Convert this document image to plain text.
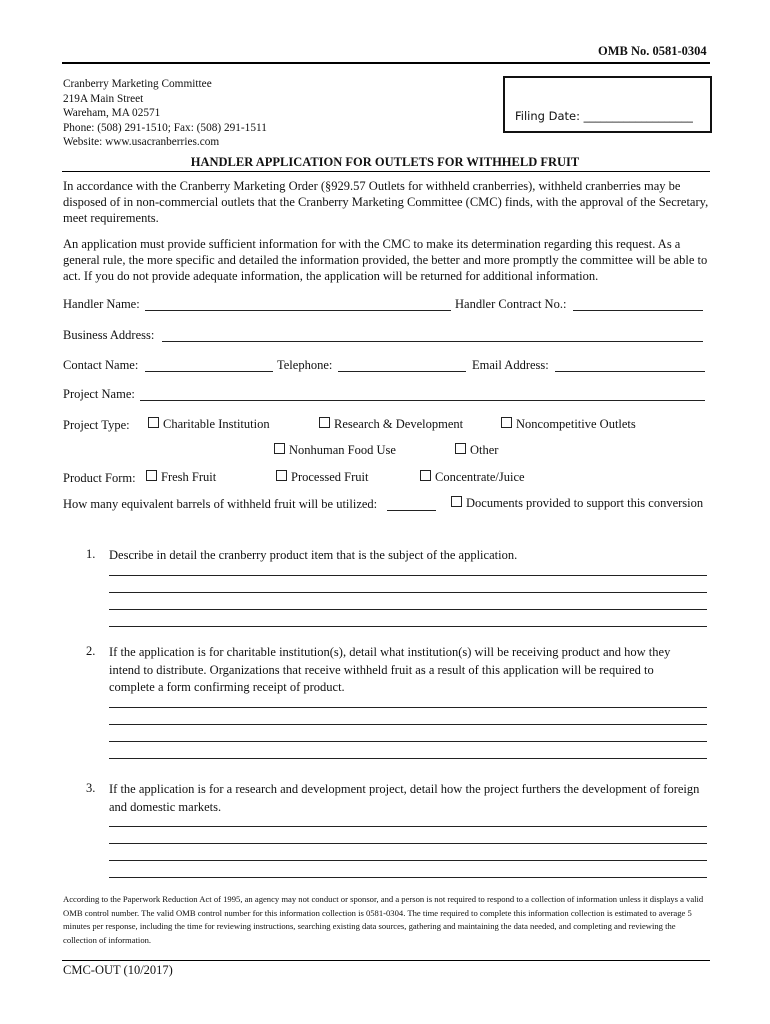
OMB No. 0581-0304
Cranberry Marketing Committee
219A Main Street
Wareham, MA 02571
Phone: (508) 291-1510; Fax: (508) 291-1511
Website: www.usacranberries.com
Filing Date: ___________________
HANDLER APPLICATION FOR OUTLETS FOR WITHHELD FRUIT
In accordance with the Cranberry Marketing Order (§929.57 Outlets for withheld cranberries), withheld cranberries may be disposed of in non-commercial outlets that the Cranberry Marketing Committee (CMC) finds, with the approval of the Secretary, meet requirements.
An application must provide sufficient information for with the CMC to make its determination regarding this request. As a general rule, the more specific and detailed the information provided, the better and more promptly the committee will be able to act. If you do not provide adequate information, the application will be returned for additional information.
Handler Name:	Handler Contract No.:
Business Address:
Contact Name:	Telephone:	Email Address:
Project Name:
Project Type:	Charitable Institution	Research & Development	Noncompetitive Outlets
Nonhuman Food Use	Other
Product Form:	Fresh Fruit	Processed Fruit	Concentrate/Juice
How many equivalent barrels of withheld fruit will be utilized:	Documents provided to support this conversion
1. Describe in detail the cranberry product item that is the subject of the application.
2. If the application is for charitable institution(s), detail what institution(s) will be receiving product and how they intend to distribute. Organizations that receive withheld fruit as a result of this application will be required to complete a form confirming receipt of product.
3. If the application is for a research and development project, detail how the project furthers the development of foreign and domestic markets.
According to the Paperwork Reduction Act of 1995, an agency may not conduct or sponsor, and a person is not required to respond to a collection of information unless it displays a valid OMB control number. The valid OMB control number for this information collection is 0581-0304. The time required to complete this information collection is estimated to average 5 minutes per response, including the time for reviewing instructions, searching existing data sources, gathering and maintaining the data needed, and completing and reviewing the collection of information.
CMC-OUT (10/2017)
